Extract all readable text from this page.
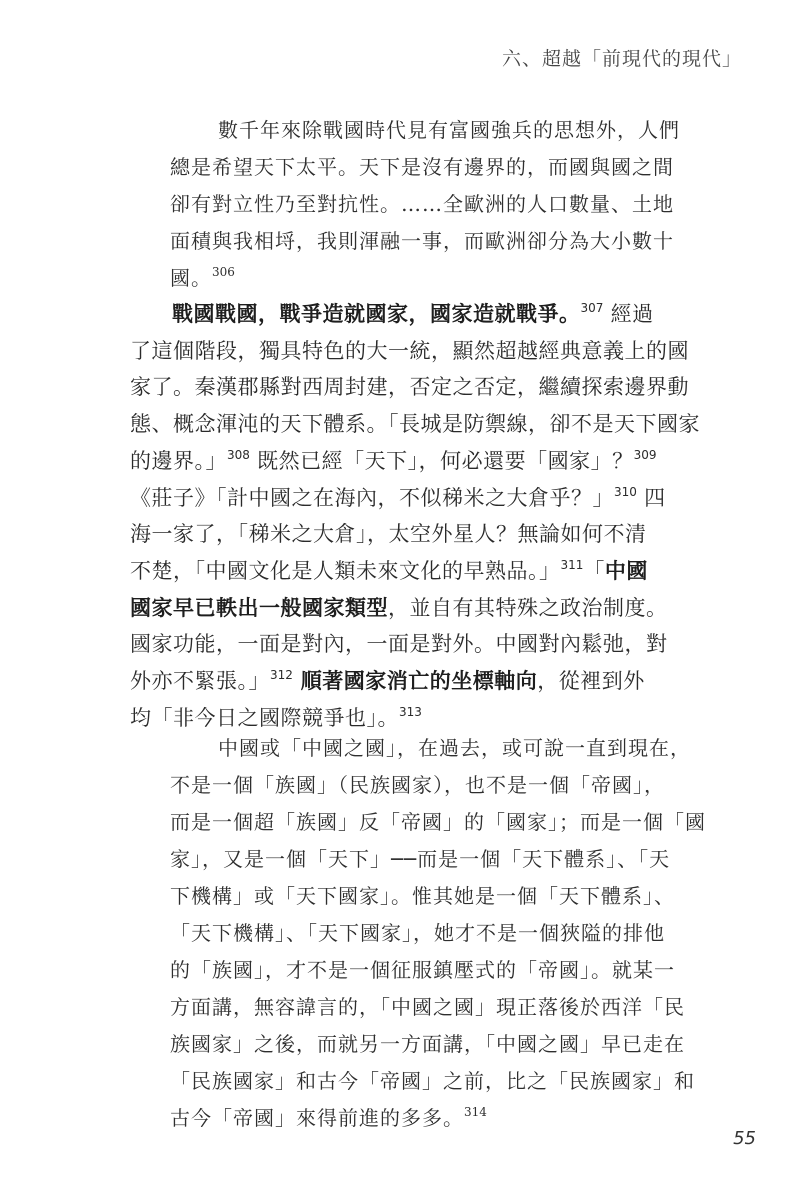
六、超越「前現代的現代」
數千年來除戰國時代見有富國強兵的思想外，人們
總是希望天下太平。天下是沒有邊界的，而國與國之間
卻有對立性乃至對抗性。……全歐洲的人口數量、土地
面積與我相埒，我則渾融一事，而歐洲卻分為大小數十
國。$^{306}$
戰國戰國，戰爭造就國家，國家造就戰爭。$^{307}$ 經過
了這個階段，獨具特色的大一統，顯然超越經典意義上的國
家了。秦漢郡縣對西周封建，否定之否定，繼續探索邊界動
態、概念渾沌的天下體系。「長城是防禦線，卻不是天下國家
的邊界。」$^{308}$ 既然已經「天下」，何必還要「國家」？$^{309}$
《莊子》「計中國之在海內，不似稊米之大倉乎？」$^{310}$ 四
海一家了，「稊米之大倉」，太空外星人？無論如何不清
不楚，「中國文化是人類未來文化的早熟品。」$^{311}$「中國
國家早已軼出一般國家類型，並自有其特殊之政治制度。
國家功能，一面是對內，一面是對外。中國對內鬆弛，對
外亦不緊張。」$^{312}$ 順著國家消亡的坐標軸向，從裡到外
均「非今日之國際競爭也」。$^{313}$
中國或「中國之國」，在過去，或可說一直到現在，
不是一個「族國」（民族國家），也不是一個「帝國」，
而是一個超「族國」反「帝國」的「國家」；而是一個「國
家」，又是一個「天下」──而是一個「天下體系」、「天
下機構」或「天下國家」。惟其她是一個「天下體系」、
「天下機構」、「天下國家」，她才不是一個狹隘的排他
的「族國」，才不是一個征服鎮壓式的「帝國」。就某一
方面講，無容諱言的，「中國之國」現正落後於西洋「民
族國家」之後，而就另一方面講，「中國之國」早已走在
「民族國家」和古今「帝國」之前，比之「民族國家」和
古今「帝國」來得前進的多多。$^{314}$
55
